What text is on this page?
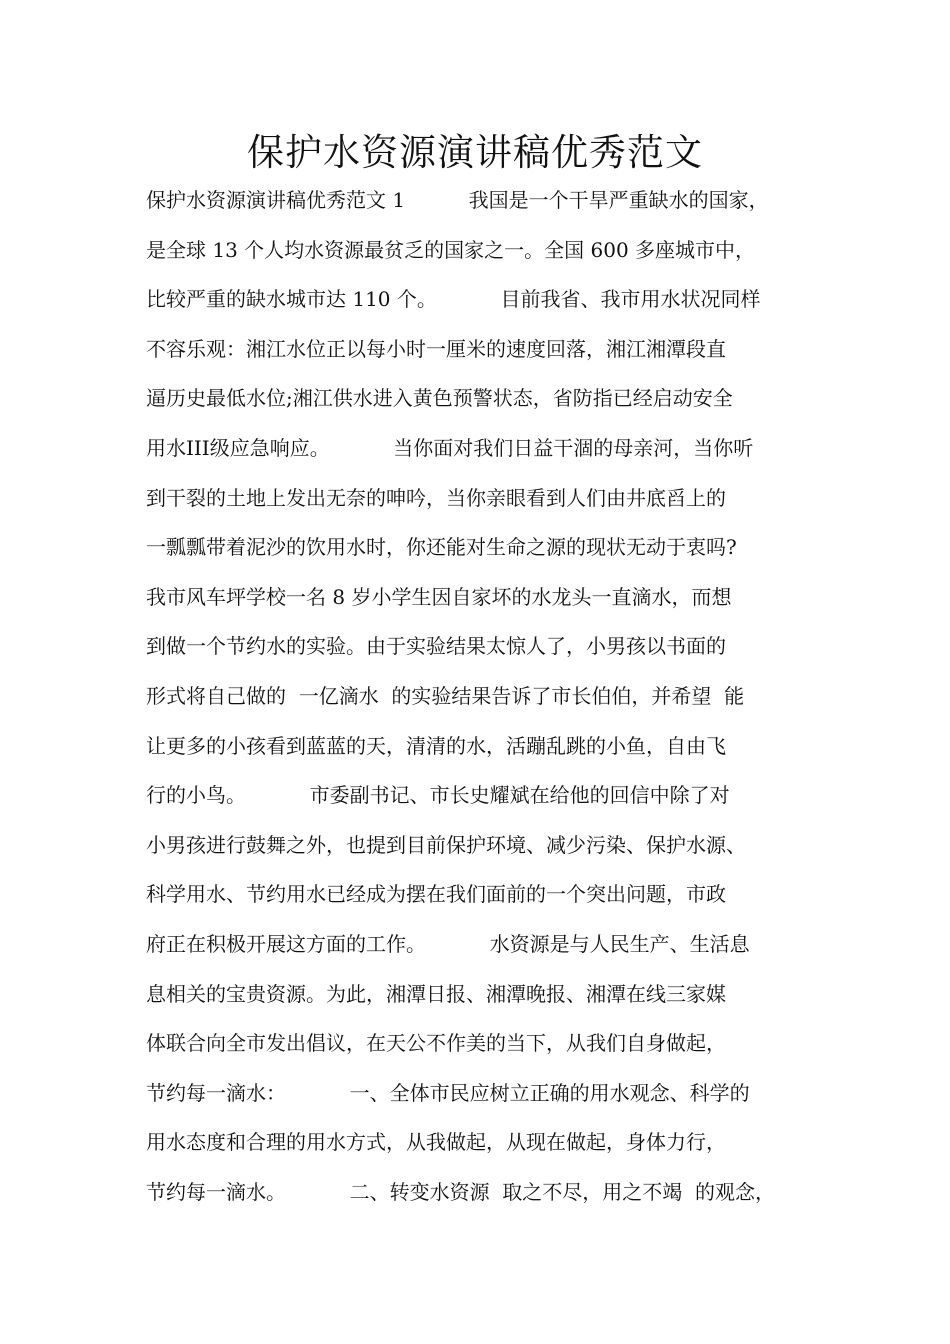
保护水资源演讲稿优秀范文
保护水资源演讲稿优秀范文 1          我国是一个干旱严重缺水的国家，
是全球 13 个人均水资源最贫乏的国家之一。全国 600 多座城市中，
比较严重的缺水城市达 110 个。          目前我省、我市用水状况同样
不容乐观：湘江水位正以每小时一厘米的速度回落，湘江湘潭段直
逼历史最低水位;湘江供水进入黄色预警状态，省防指已经启动安全
用水III级应急响应。          当你面对我们日益干涸的母亲河，当你听
到干裂的土地上发出无奈的呻吟，当你亲眼看到人们由井底舀上的
一瓢瓢带着泥沙的饮用水时，你还能对生命之源的现状无动于衷吗?
我市风车坪学校一名 8 岁小学生因自家坏的水龙头一直滴水，而想
到做一个节约水的实验。由于实验结果太惊人了，小男孩以书面的
形式将自己做的  一亿滴水  的实验结果告诉了市长伯伯，并希望  能
让更多的小孩看到蓝蓝的天，清清的水，活蹦乱跳的小鱼，自由飞
行的小鸟。          市委副书记、市长史耀斌在给他的回信中除了对
小男孩进行鼓舞之外，也提到目前保护环境、减少污染、保护水源、
科学用水、节约用水已经成为摆在我们面前的一个突出问题，市政
府正在积极开展这方面的工作。          水资源是与人民生产、生活息
息相关的宝贵资源。为此，湘潭日报、湘潭晚报、湘潭在线三家媒
体联合向全市发出倡议，在天公不作美的当下，从我们自身做起，
节约每一滴水：          一、全体市民应树立正确的用水观念、科学的
用水态度和合理的用水方式，从我做起，从现在做起，身体力行，
节约每一滴水。          二、转变水资源  取之不尽，用之不竭  的观念，
